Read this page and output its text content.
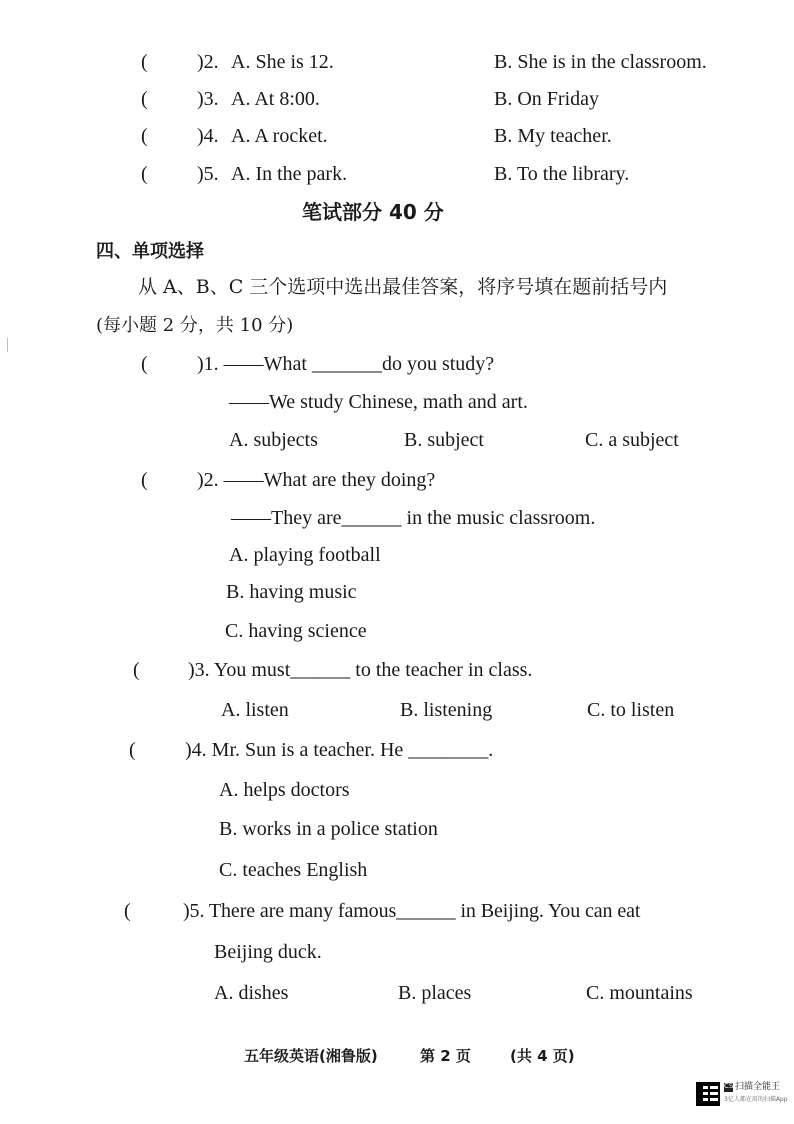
( )2. A. She is 12.	B. She is in the classroom.
( )3. A. At 8:00.	B. On Friday
( )4. A. A rocket.	B. My teacher.
( )5. A. In the park.	B. To the library.
笔试部分 40 分
四、单项选择
从 A、B、C 三个选项中选出最佳答案，将序号填在题前括号内
(每小题 2 分，共 10 分)
( )1. ——What _______do you study?
——We study Chinese, math and art.
A. subjects	B. subject	C. a subject
( )2. ——What are they doing?
——They are______ in the music classroom.
A. playing football
B. having music
C. having science
( )3. You must______ to the teacher in class.
A. listen	B. listening	C. to listen
( )4. Mr. Sun is a teacher. He ________.
A. helps doctors
B. works in a police station
C. teaches English
(	)5. There are many famous______ in Beijing. You can eat
Beijing duck.
A. dishes	B. places	C. mountains
五年级英语(湘鲁版)	第 2 页	(共 4 页)
CS 扫描全能王
3亿人都在用的扫描App
